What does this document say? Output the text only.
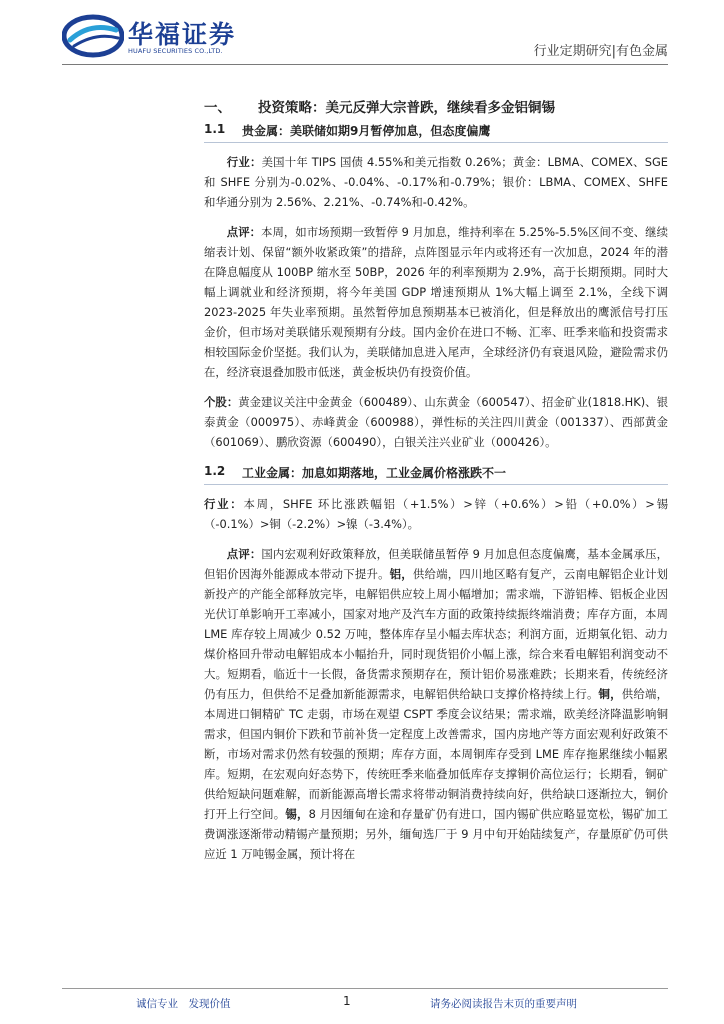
华福证券
HUAFU SECURITIES CO.,LTD.	行业定期研究|有色金属
一、 投资策略：美元反弹大宗普跌，继续看多金铝铜锡
1.1 贵金属：美联储如期9月暂停加息，但态度偏鹰

行业：美国十年 TIPS 国债 4.55%和美元指数 0.26%；黄金：LBMA、COMEX、SGE 和 SHFE 分别为-0.02%、-0.04%、-0.17%和-0.79%；银价：LBMA、COMEX、SHFE 和华通分别为 2.56%、2.21%、-0.74%和-0.42%。

点评：本周，如市场预期一致暂停 9 月加息，维持利率在 5.25%-5.5%区间不变、继续缩表计划、保留“额外收紧政策”的措辞，点阵图显示年内或将还有一次加息，2024 年的潜在降息幅度从 100BP 缩水至 50BP，2026 年的利率预期为 2.9%，高于长期预期。同时大幅上调就业和经济预期，将今年美国 GDP 增速预期从 1%大幅上调至 2.1%，全线下调2023-2025 年失业率预期。虽然暂停加息预期基本已被消化，但是释放出的鹰派信号打压金价，但市场对美联储乐观预期有分歧。国内金价在进口不畅、汇率、旺季来临和投资需求相较国际金价坚挺。我们认为，美联储加息进入尾声，全球经济仍有衰退风险，避险需求仍在，经济衰退叠加股市低迷，黄金板块仍有投资价值。

个股：黄金建议关注中金黄金（600489）、山东黄金（600547）、招金矿业(1818.HK)、银泰黄金（000975）、赤峰黄金（600988），弹性标的关注四川黄金（001337）、西部黄金（601069）、鹏欣资源（600490），白银关注兴业矿业（000426）。

1.2 工业金属：加息如期落地，工业金属价格涨跌不一

行业：本周，SHFE 环比涨跌幅铝（+1.5%）>锌（+0.6%）>铅（+0.0%）>锡（-0.1%）>铜（-2.2%）>镍（-3.4%）。

点评：国内宏观利好政策释放，但美联储虽暂停 9 月加息但态度偏鹰，基本金属承压，但铝价因海外能源成本带动下提升。铝，供给端，四川地区略有复产，云南电解铝企业计划新投产的产能全部释放完毕，电解铝供应较上周小幅增加；需求端，下游铝棒、铝板企业因光伏订单影响开工率减小，国家对地产及汽车方面的政策持续振终端消费；库存方面，本周 LME 库存较上周减少 0.52 万吨，整体库存呈小幅去库状态；利润方面，近期氧化铝、动力煤价格回升带动电解铝成本小幅抬升，同时现货铝价小幅上涨，综合来看电解铝利润变动不大。短期看，临近十一长假，备货需求预期存在，预计铝价易涨难跌；长期来看，传统经济仍有压力，但供给不足叠加新能源需求，电解铝供给缺口支撑价格持续上行。铜，供给端，本周进口铜精矿 TC 走弱，市场在观望 CSPT 季度会议结果；需求端，欧美经济降温影响铜需求，但国内铜价下跌和节前补货一定程度上改善需求，国内房地产等方面宏观利好政策不断，市场对需求仍然有较强的预期；库存方面，本周铜库存受到 LME 库存拖累继续小幅累库。短期，在宏观向好态势下，传统旺季来临叠加低库存支撑铜价高位运行；长期看，铜矿供给短缺问题难解，而新能源高增长需求将带动铜消费持续向好，供给缺口逐渐拉大，铜价打开上行空间。锡，8 月因缅甸在途和存量矿仍有进口，国内锡矿供应略显宽松，锡矿加工费调涨逐渐带动精锡产量预期；另外，缅甸选厂于 9 月中旬开始陆续复产，存量原矿仍可供应近 1 万吨锡金属，预计将在

诚信专业　发现价值	1	请务必阅读报告末页的重要声明
